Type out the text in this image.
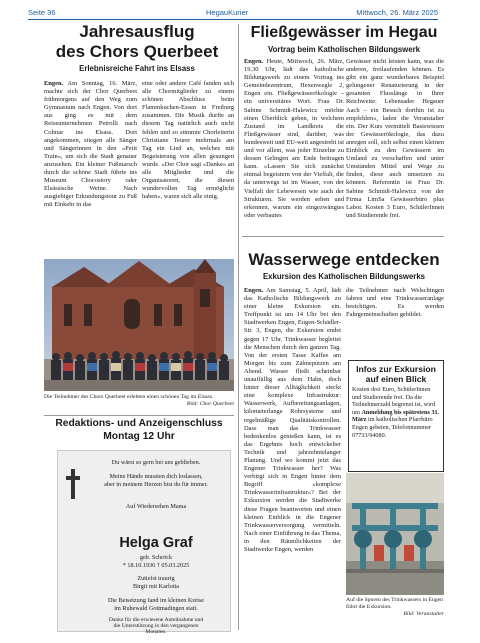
Seite 36	HegauKurier	Mittwoch, 26. März 2025
Jahresausflug
des Chors Querbeet
Erlebnisreiche Fahrt ins Elsass

Engen. Am Sonntag, 16. März, machte sich der Chor Querbeet frühmorgens auf den Weg zum Gymnasium nach Engen. Von dort aus ging es mit dem Reiseunternehmen Petrolli nach Colmar ins Elsass. Dort angekommen, stiegen alle Sänger und Sängerinnen in den »Petit Train«, um sich die Stadt genauer anzusehen. Ein kleiner Fußmarsch durch die schöne Stadt führte ins Museum Chocostory oder Elsässische Weine. Nach ausgiebiger Erkundungstour zu Fuß mit Einkehr in das

eine oder andere Café fanden sich alle Chormitglieder zu einem schönen Abschluss beim Flammkuchen-Essen in Freiburg zusammen. Die Musik durfte an diesem Tag natürlich auch nicht fehlen und so stimmte Chorleiterin Christiane Teurer mehrmals am Tag ein Lied an, welches mit Begeisterung von allen gesungen wurde. »Der Chor sagt »Danke« an alle Mitglieder und die Organisatoren, die diesen wundervollen Tag ermöglicht haben«, waren sich alle einig.

Die Teilnehmer des Chors Querbeet erlebten einen schönen Tag im Elsass.
Bild: Chor Querbeet
Redaktions- und Anzeigenschluss
Montag 12 Uhr
Du wärst so gern bei uns geblieben.
Meine Hände mussten dich loslassen,
aber in meinem Herzen bist du für immer.
Auf Wiedersehen Mama
Helga Graf
geb. Schröck
* 18.10.1936 † 05.03.2025
Zutiefst traurig
Birgit mit Karlotta
Die Beisetzung fand im kleinen Kreise
im Ruhewald Gottmadingen statt.
Danke für die erwiesene Anteilnahme und
die Unterstützung in den vergangenen
Monaten.
Fließgewässer im Hegau
Vortrag beim Katholischen Bildungswerk

Engen. Heute, Mittwoch, 26. März, 19.30 Uhr, lädt das katholische Bildungswerk zu einem Vortrag ins Gemeindezentrum, Hexenwegle 2, Engen ein. Fließgewässerökologie – ein universitäres Wort. Frau Dr. Sabine Schmidt-Halewicz möchte einen Überblick geben, in welchem Zustand im Landkreis die Fließgewässer sind, darüber, was bundesweit und EU-weit angestrebt ist und vor allem, was jeder Einzelne zu dessen Gelingen am Ende beitragen kann. »Lassen Sie sich zunächst einmal begeistern von der Vielfalt, die da unterwegs ist im Wasser, von der Vielfalt der Lebewesen wie auch der Strukturen. Sie werden sehen und erkennen, warum ein eingezwängtes oder verbautes

Gewässer nicht leisten kann, was die anderen, freilaufenden können. Es gibt ein ganz wunderbares Beispiel gelungener Renaturierung in der gesamten Flusslänge in Ihrer Reichweite: Lebensader Hegauer Aach – ein Besuch dorthin ist zu empfehlen«, laden die Veranstalter ein. Der Kurs vermittelt Basiswissen der Gewässerökologie, das dazu anregen soll, sich selbst einen kleinen Einblick zu den Gewässern im Umland zu verschaffen und unter Umständen Mittel und Wege zu finden, diese auch umsetzen zu können. Referentin ist Frau Dr. Sabine Schmidt-Halewicz von der Firma LimSa Gewässerbüro plus Labor. Kosten 3 Euro, SchülerInnen und Studierende frei.

Wasserwege entdecken
Exkursion des Katholischen Bildungswerks

Engen. Am Samstag, 5. April, lädt das Katholische Bildungswerk zu einer kleine Exkursion ein. Treffpunkt ist um 14 Uhr bei den Stadtwerken Engen, Eugen-Schädler-Str. 3, Engen, die Exkursion endet gegen 17 Uhr. Trinkwasser begleitet die Menschen durch den ganzen Tag. Von der ersten Tasse Kaffee am Morgen bis zum Zähneputzen am Abend. Wasser fließt scheinbar unauffällig aus dem Hahn, doch hinter dieser Alltäglichkeit steckt eine komplexe Infrastruktur: Wasserwerk, Aufbereitungsanlagen, kilometerlange Rohrsysteme und regelmäßige Qualitätskontrollen. Dass man das Trinkwasser bedenkenlos genießen kann, ist es das Ergebnis hoch entwickelter Technik und jahrzehntelanger Planung. Und wo kommt jetzt das Engener Trinkwasser her? Was verbirgt sich in Engen hinter dem Begriff »komplexe Trinkwasserinfrastruktur«? Bei der Exkursion werden die Stadtwerke diese Fragen beantworten und einen kleinen Einblick in die Engener Trinkwasserversorgung vermitteln. Nach einer Einführung in das Thema, in den Räumlichkeiten der Stadtwerke Engen, werden

die Teilnehmer nach Welschingen fahren und eine Trinkwasseranlage besichtigen. Es werden Fahrgemeinschaften gebildet.

Infos zur Exkursion
auf einen Blick
Kosten drei Euro, SchülerInnen und Studierende frei. Da die Teilnehmerzahl begrenzt ist, wird um Anmeldung bis spätestens 31. März im katholischen Pfarrbüro Engen gebeten, Telefonnummer 07733/94080.
Auf die Spuren des Trinkwassers in Engen führt die Exkursion.
Bild: Veranstalter
